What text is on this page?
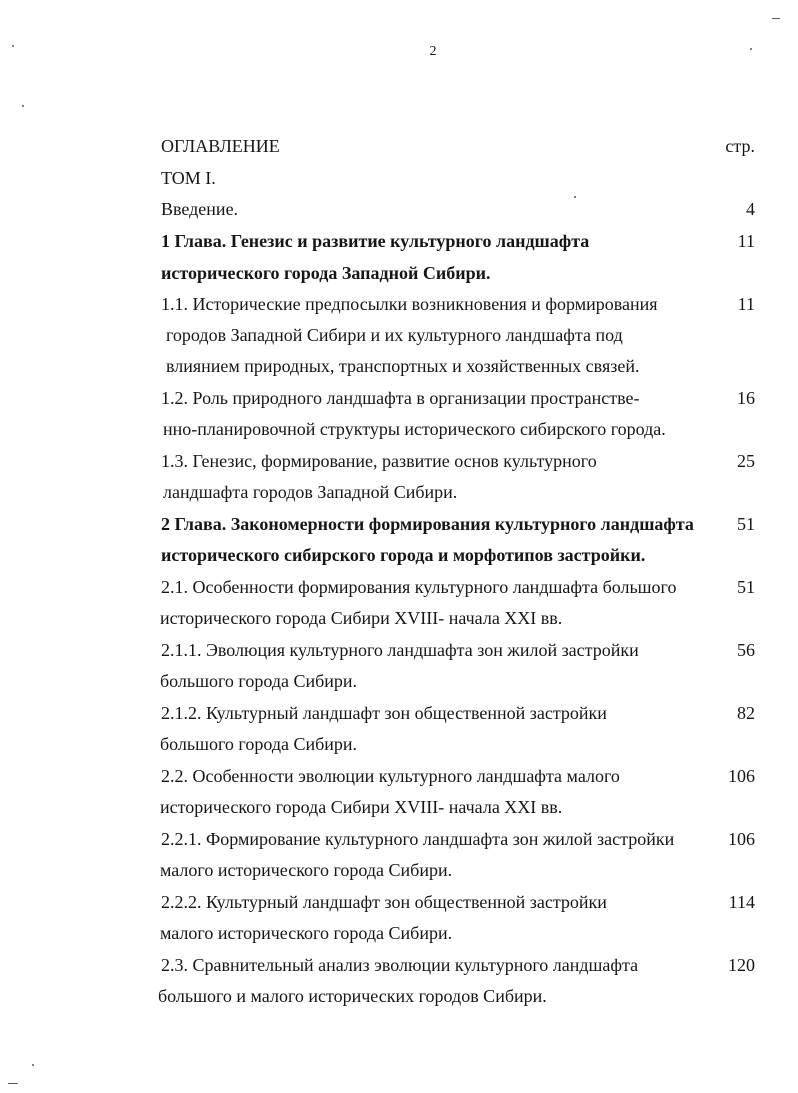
2
ОГЛАВЛЕНИЕ	стр.
ТОМ I.
Введение.	4
1 Глава. Генезис и развитие культурного ландшафта
исторического города Западной Сибири.
11
1.1. Исторические предпосылки возникновения и формирования
городов Западной Сибири и их культурного ландшафта под
влиянием природных, транспортных и хозяйственных связей.
11
1.2. Роль природного ландшафта в организации пространстве-
нно-планировочной структуры исторического сибирского города.
16
1.3. Генезис, формирование, развитие основ культурного
ландшафта городов Западной Сибири.
25
2 Глава. Закономерности формирования культурного ландшафта
исторического сибирского города и морфотипов застройки.
51
2.1. Особенности формирования культурного ландшафта большого
исторического города Сибири XVIII- начала XXI вв.
51
2.1.1. Эволюция культурного ландшафта зон жилой застройки
большого города Сибири.
56
2.1.2. Культурный ландшафт зон общественной застройки
большого города Сибири.
82
2.2. Особенности эволюции культурного ландшафта малого
исторического города Сибири XVIII- начала XXI вв.
106
2.2.1. Формирование культурного ландшафта зон жилой застройки
малого исторического города Сибири.
106
2.2.2. Культурный ландшафт зон общественной застройки
малого исторического города Сибири.
114
2.3. Сравнительный анализ эволюции культурного ландшафта
большого и малого исторических городов Сибири.
120
